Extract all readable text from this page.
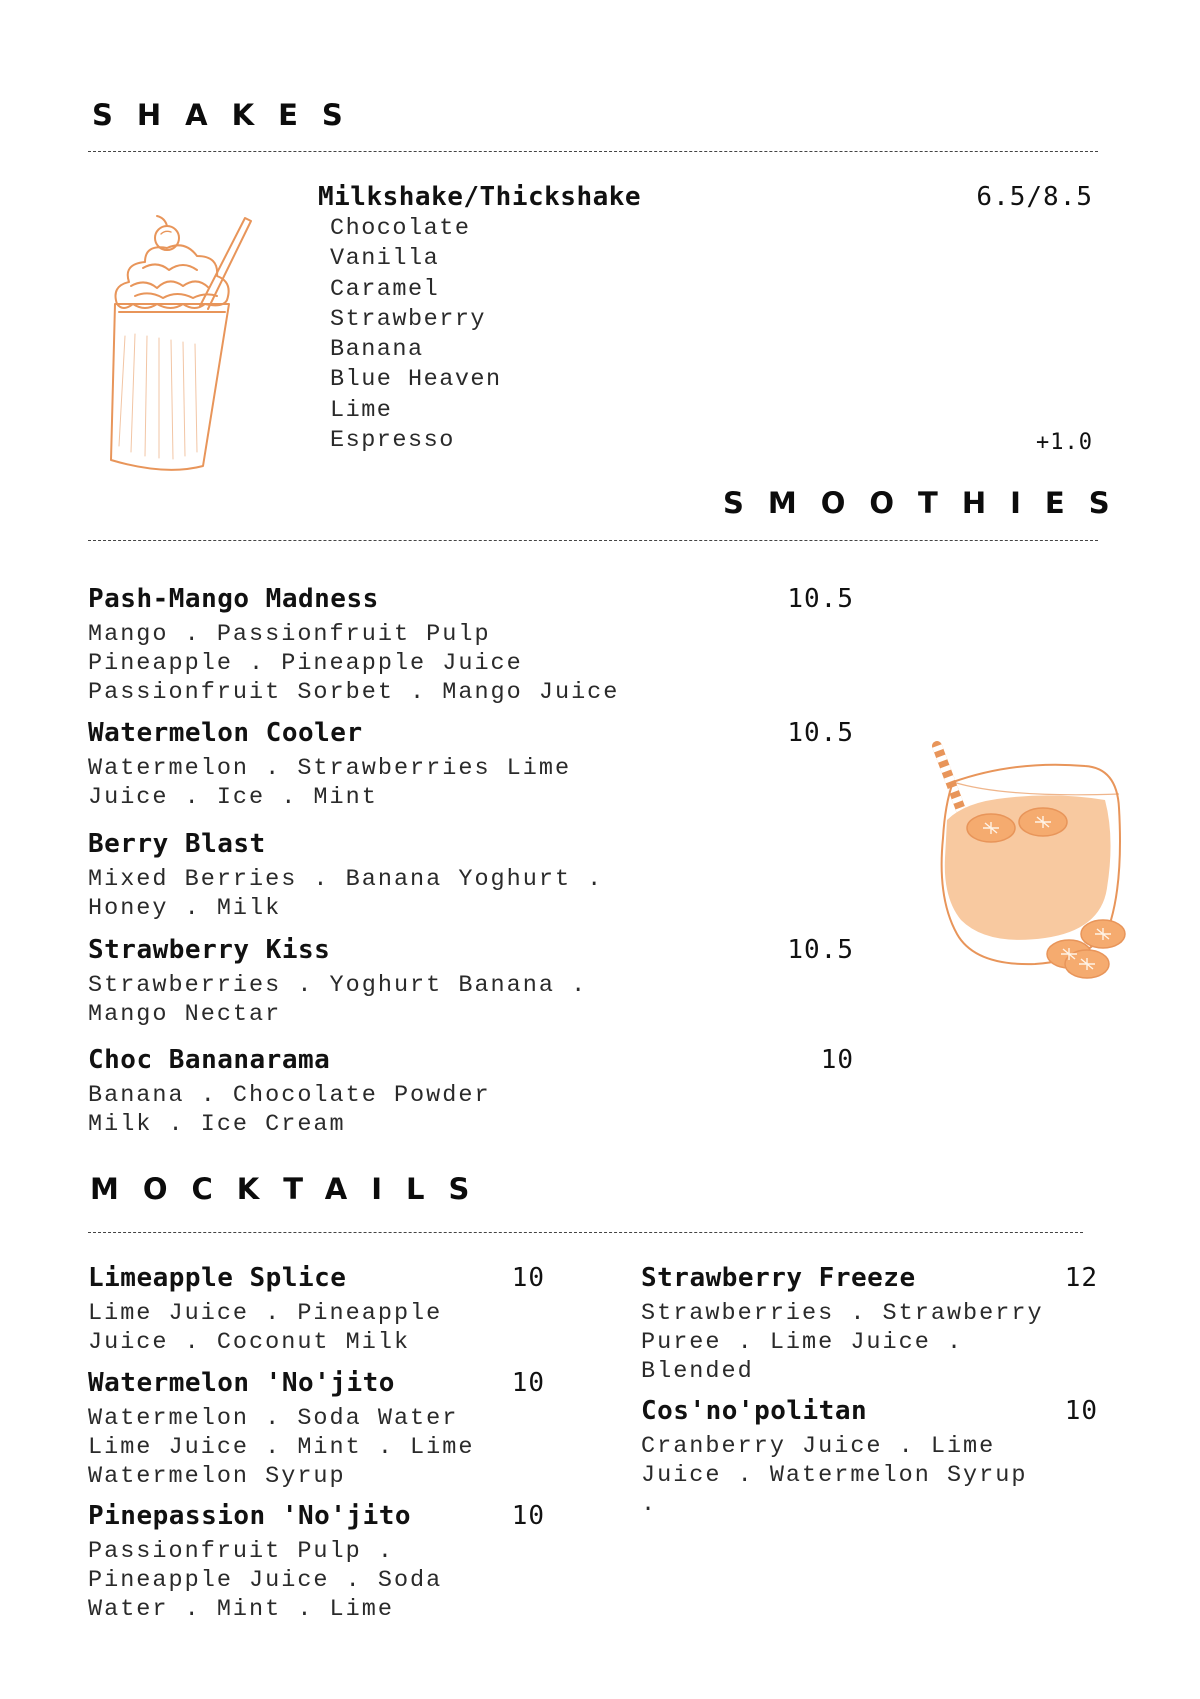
SHAKES
Milkshake/Thickshake	6.5/8.5
Chocolate
Vanilla
Caramel
Strawberry
Banana
Blue Heaven
Lime
Espresso	+1.0
SMOOTHIES
Pash-Mango Madness	10.5
Mango . Passionfruit Pulp
Pineapple . Pineapple Juice
Passionfruit Sorbet . Mango Juice
Watermelon Cooler	10.5
Watermelon . Strawberries Lime
Juice . Ice . Mint
Berry Blast
Mixed Berries . Banana Yoghurt .
Honey . Milk
Strawberry Kiss	10.5
Strawberries . Yoghurt Banana .
Mango Nectar
Choc Bananarama	10
Banana . Chocolate Powder
Milk . Ice Cream
MOCKTAILS
Limeapple Splice	10
Lime Juice . Pineapple
Juice . Coconut Milk
Watermelon 'No'jito	10
Watermelon . Soda Water
Lime Juice . Mint . Lime
Watermelon Syrup
Pinepassion 'No'jito	10
Passionfruit Pulp .
Pineapple Juice . Soda
Water . Mint . Lime
Strawberry Freeze	12
Strawberries . Strawberry
Puree . Lime Juice .
Blended
Cos'no'politan	10
Cranberry Juice . Lime
Juice . Watermelon Syrup
.
